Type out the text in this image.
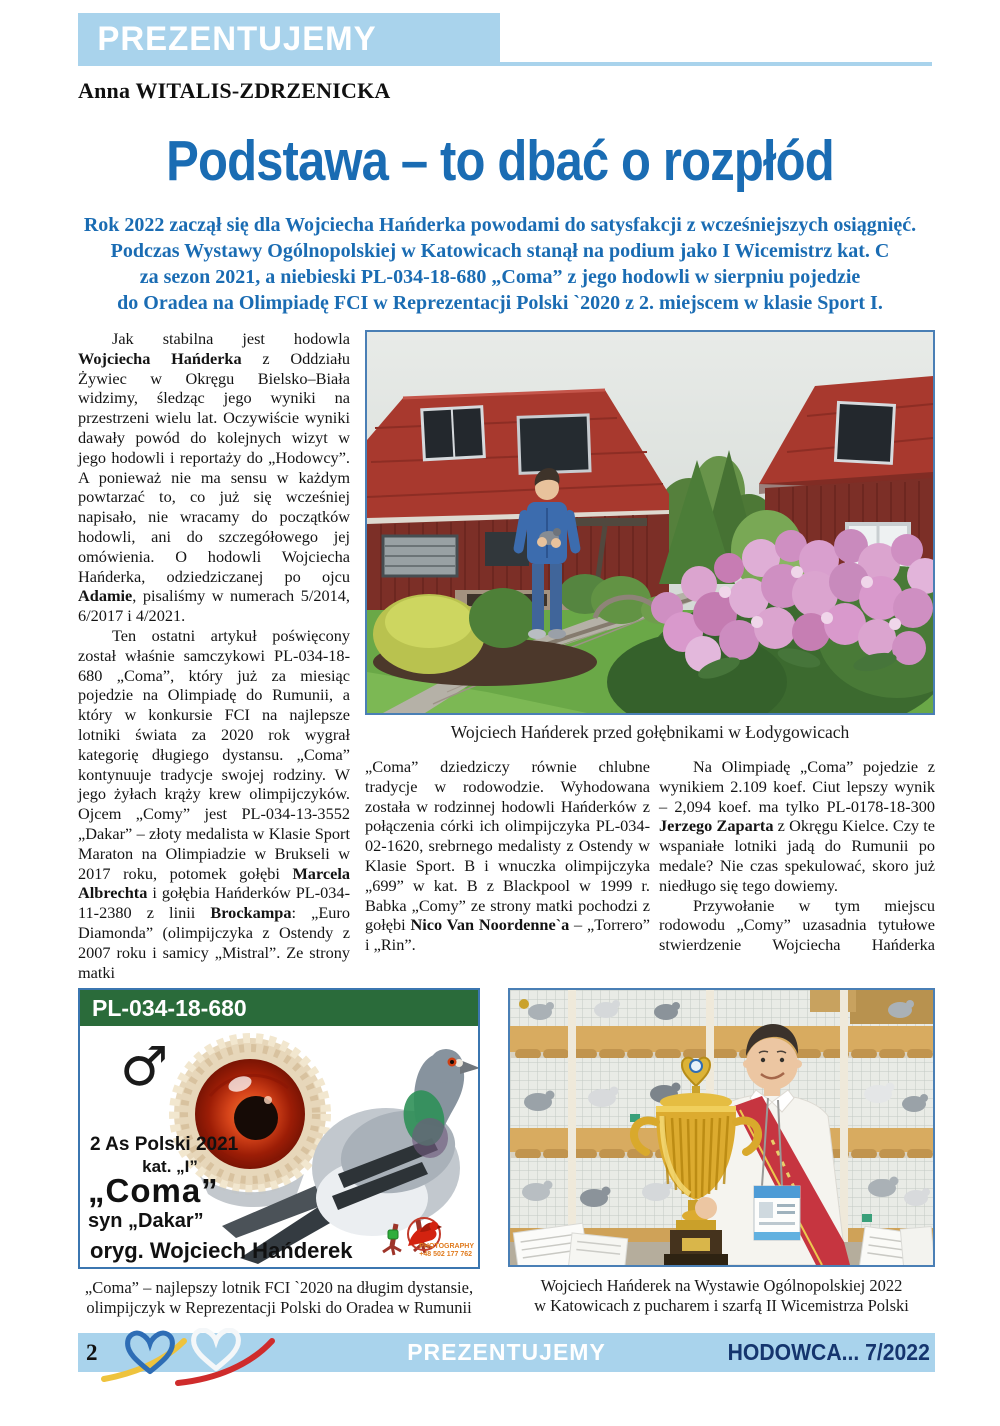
PREZENTUJEMY
Anna WITALIS-ZDRZENICKA
Podstawa – to dbać o rozpłód
Rok 2022 zaczął się dla Wojciecha Hańderka powodami do satysfakcji z wcześniejszych osiągnięć.
Podczas Wystawy Ogólnopolskiej w Katowicach stanął na podium jako I Wicemistrz kat. C
za sezon 2021, a niebieski PL-034-18-680 „Coma” z jego hodowli w sierpniu pojedzie
do Oradea na Olimpiadę FCI w Reprezentacji Polski `2020 z 2. miejscem w klasie Sport I.

Jak stabilna jest hodowla Wojciecha Hańderka z Oddziału Żywiec w Okręgu Bielsko–Biała widzimy, śledząc jego wyniki na przestrzeni wielu lat. Oczywiście wyniki dawały powód do kolejnych wizyt w jego hodowli i reportaży do „Hodowcy”. A ponieważ nie ma sensu w każdym powtarzać to, co już się wcześniej napisało, nie wracamy do początków hodowli, ani do szczegółowego jej omówienia. O hodowli Wojciecha Hańderka, odziedziczanej po ojcu Adamie, pisaliśmy w numerach 5/2014, 6/2017 i 4/2021.

Ten ostatni artykuł poświęcony został właśnie samczykowi PL-034-18-680 „Coma”, który już za miesiąc pojedzie na Olimpiadę do Rumunii, a który w konkursie FCI na najlepsze lotniki świata za 2020 rok wygrał kategorię długiego dystansu. „Coma” kontynuuje tradycje swojej rodziny. W jego żyłach krąży krew olimpijczyków. Ojcem „Comy” jest PL-034-13-3552 „Dakar” – złoty medalista w Klasie Sport Maraton na Olimpiadzie w Brukseli w 2017 roku, potomek gołębi Marcela Albrechta i gołębia Hańderków PL-034-11-2380 z linii Brockampa: „Euro Diamonda” (olimpijczyka z Ostendy z 2007 roku i samicy „Mistral”. Ze strony matki

„Coma” dziedziczy równie chlubne tradycje w rodowodzie. Wyhodowana została w rodzinnej hodowli Hańderków z połączenia córki ich olimpijczyka PL-034-02-1620, srebrnego medalisty z Ostendy w Klasie Sport. B i wnuczka olimpijczyka „699” w kat. B z Blackpool w 1999 r. Babka „Comy” ze strony matki pochodzi z gołębi Nico Van Noordenne`a – „Torrero” i „Rin”.

Na Olimpiadę „Coma” pojedzie z wynikiem 2.109 koef. Ciut lepszy wynik – 2,094 koef. ma tylko PL-0178-18-300 Jerzego Zaparta z Okręgu Kielce. Czy te wspaniałe lotniki jadą do Rumunii po medale? Nie czas spekulować, skoro już niedługo się tego dowiemy.

Przywołanie w tym miejscu rodowodu „Comy” uzasadnia tytułowe stwierdzenie Wojciecha Hańderka

Wojciech Hańderek przed gołębnikami w Łodygowicach
PL-034-18-680
♂
2 As Polski 2021
kat. „I”
„Coma”
syn „Dakar”
oryg. Wojciech Hańderek	PHOTOGRAPHY
+48 502 177 762
„Coma” – najlepszy lotnik FCI `2020 na długim dystansie,
olimpijczyk w Reprezentacji Polski do Oradea w Rumunii
Wojciech Hańderek na Wystawie Ogólnopolskiej 2022
w Katowicach z pucharem i szarfą II Wicemistrza Polski
2	PREZENTUJEMY	HODOWCA... 7/2022
